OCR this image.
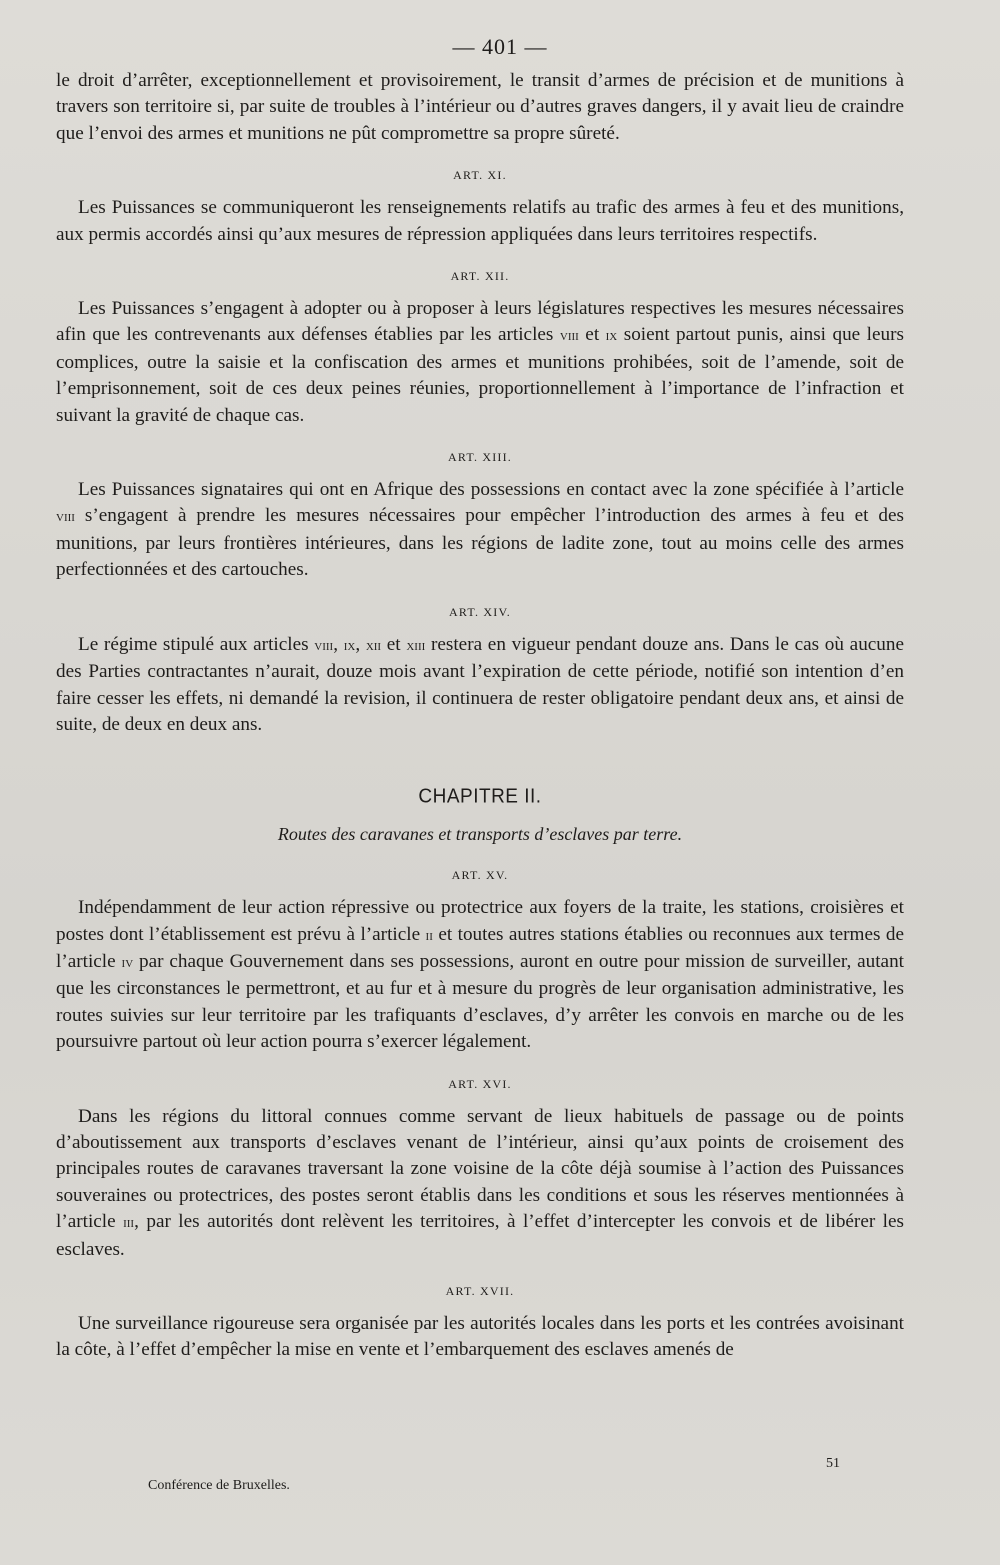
— 401 —

le droit d’arrêter, exceptionnellement et provisoirement, le transit d’armes de précision et de munitions à travers son territoire si, par suite de troubles à l’intérieur ou d’autres graves dangers, il y avait lieu de craindre que l’envoi des armes et munitions ne pût compromettre sa propre sûreté.

ART. XI.

Les Puissances se communiqueront les renseignements relatifs au trafic des armes à feu et des munitions, aux permis accordés ainsi qu’aux mesures de répression appliquées dans leurs territoires respectifs.

ART. XII.

Les Puissances s’engagent à adopter ou à proposer à leurs législatures respectives les mesures nécessaires afin que les contrevenants aux défenses établies par les articles viii et ix soient partout punis, ainsi que leurs complices, outre la saisie et la confiscation des armes et munitions prohibées, soit de l’amende, soit de l’emprisonnement, soit de ces deux peines réunies, proportionnellement à l’importance de l’infraction et suivant la gravité de chaque cas.

ART. XIII.

Les Puissances signataires qui ont en Afrique des possessions en contact avec la zone spécifiée à l’article viii s’engagent à prendre les mesures nécessaires pour empêcher l’introduction des armes à feu et des munitions, par leurs frontières intérieures, dans les régions de ladite zone, tout au moins celle des armes perfectionnées et des cartouches.

ART. XIV.

Le régime stipulé aux articles viii, ix, xii et xiii restera en vigueur pendant douze ans. Dans le cas où aucune des Parties contractantes n’aurait, douze mois avant l’expiration de cette période, notifié son intention d’en faire cesser les effets, ni demandé la revision, il continuera de rester obligatoire pendant deux ans, et ainsi de suite, de deux en deux ans.

CHAPITRE II.
Routes des caravanes et transports d’esclaves par terre.
ART. XV.

Indépendamment de leur action répressive ou protectrice aux foyers de la traite, les stations, croisières et postes dont l’établissement est prévu à l’article ii et toutes autres stations établies ou reconnues aux termes de l’article iv par chaque Gouvernement dans ses possessions, auront en outre pour mission de surveiller, autant que les circonstances le permettront, et au fur et à mesure du progrès de leur organisation administrative, les routes suivies sur leur territoire par les trafiquants d’esclaves, d’y arrêter les convois en marche ou de les poursuivre partout où leur action pourra s’exercer légalement.

ART. XVI.

Dans les régions du littoral connues comme servant de lieux habituels de passage ou de points d’aboutissement aux transports d’esclaves venant de l’intérieur, ainsi qu’aux points de croisement des principales routes de caravanes traversant la zone voisine de la côte déjà soumise à l’action des Puissances souveraines ou protectrices, des postes seront établis dans les conditions et sous les réserves mentionnées à l’article iii, par les autorités dont relèvent les territoires, à l’effet d’intercepter les convois et de libérer les esclaves.

ART. XVII.

Une surveillance rigoureuse sera organisée par les autorités locales dans les ports et les contrées avoisinant la côte, à l’effet d’empêcher la mise en vente et l’embarquement des esclaves amenés de

51
Conférence de Bruxelles.
